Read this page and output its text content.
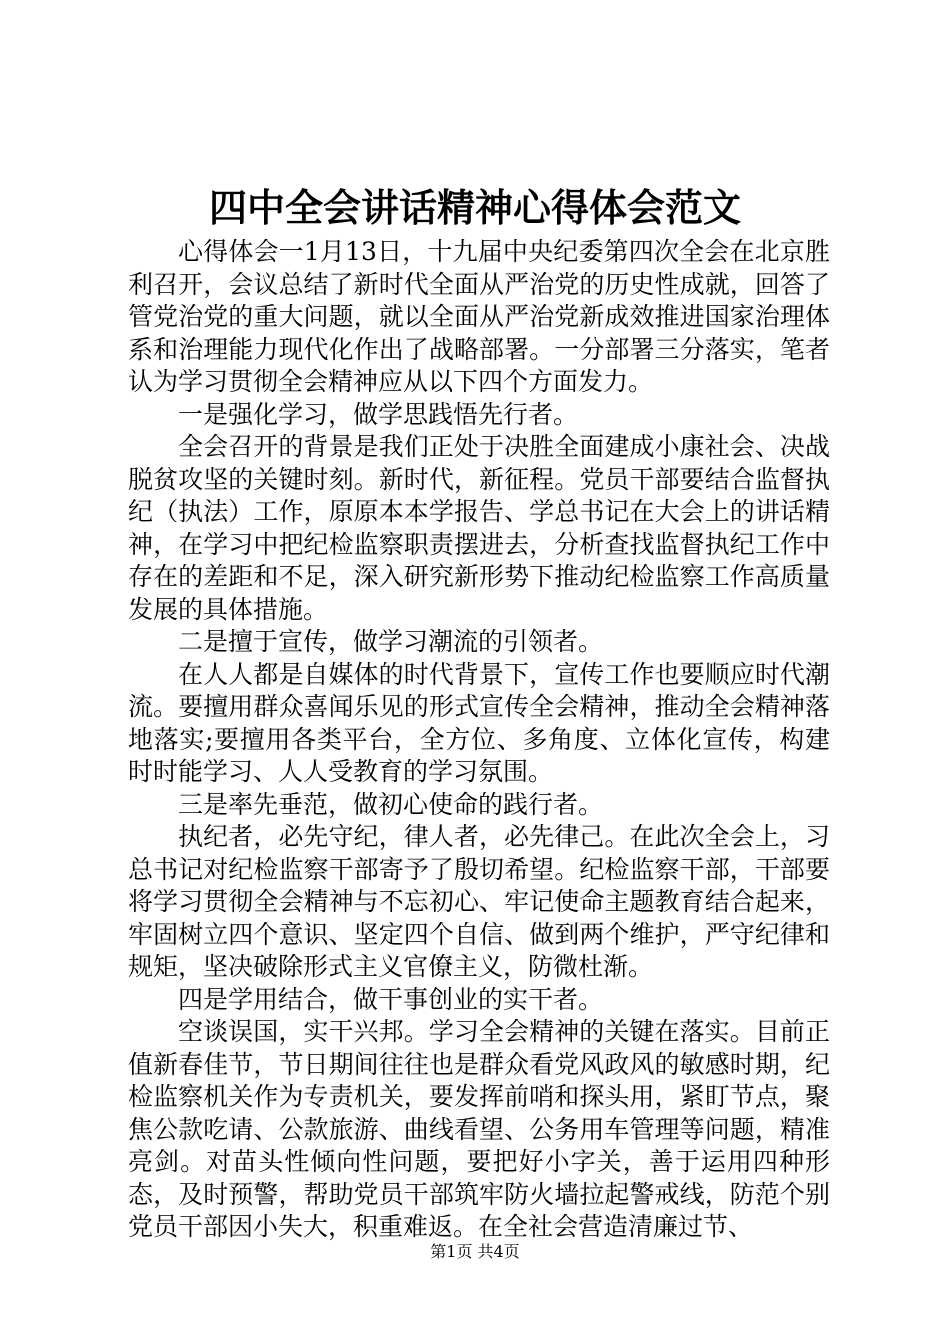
四中全会讲话精神心得体会范文

心得体会一1月13日，十九届中央纪委第四次全会在北京胜利召开，会议总结了新时代全面从严治党的历史性成就，回答了管党治党的重大问题，就以全面从严治党新成效推进国家治理体系和治理能力现代化作出了战略部署。一分部署三分落实，笔者认为学习贯彻全会精神应从以下四个方面发力。

一是强化学习，做学思践悟先行者。

全会召开的背景是我们正处于决胜全面建成小康社会、决战脱贫攻坚的关键时刻。新时代，新征程。党员干部要结合监督执纪（执法）工作，原原本本学报告、学总书记在大会上的讲话精神，在学习中把纪检监察职责摆进去，分析查找监督执纪工作中存在的差距和不足，深入研究新形势下推动纪检监察工作高质量发展的具体措施。

二是擅于宣传，做学习潮流的引领者。

在人人都是自媒体的时代背景下，宣传工作也要顺应时代潮流。要擅用群众喜闻乐见的形式宣传全会精神，推动全会精神落地落实;要擅用各类平台，全方位、多角度、立体化宣传，构建时时能学习、人人受教育的学习氛围。

三是率先垂范，做初心使命的践行者。

执纪者，必先守纪，律人者，必先律己。在此次全会上，习总书记对纪检监察干部寄予了殷切希望。纪检监察干部，干部要将学习贯彻全会精神与不忘初心、牢记使命主题教育结合起来，牢固树立四个意识、坚定四个自信、做到两个维护，严守纪律和规矩，坚决破除形式主义官僚主义，防微杜渐。

四是学用结合，做干事创业的实干者。

空谈误国，实干兴邦。学习全会精神的关键在落实。目前正值新春佳节，节日期间往往也是群众看党风政风的敏感时期，纪检监察机关作为专责机关，要发挥前哨和探头用，紧盯节点，聚焦公款吃请、公款旅游、曲线看望、公务用车管理等问题，精准亮剑。对苗头性倾向性问题，要把好小字关，善于运用四种形态，及时预警，帮助党员干部筑牢防火墙拉起警戒线，防范个别党员干部因小失大，积重难返。在全社会营造清廉过节、

第1页 共4页
